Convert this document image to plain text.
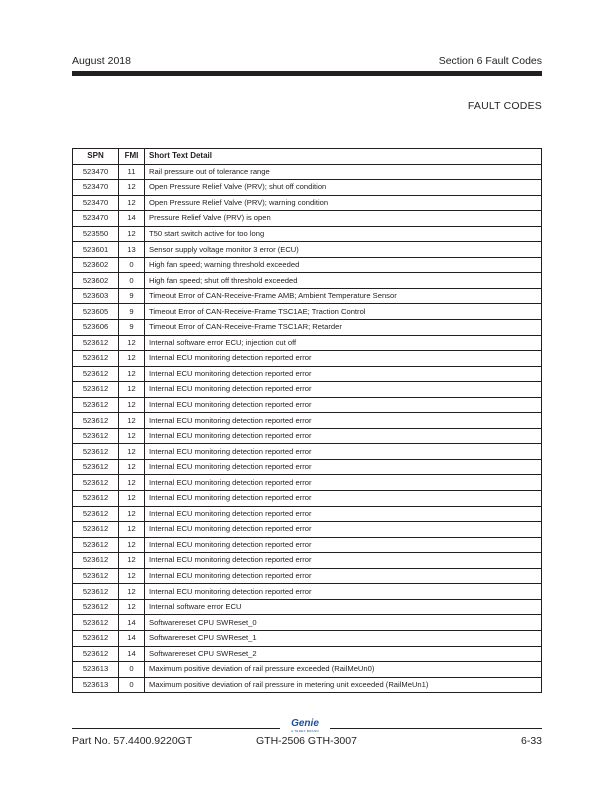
August 2018	Section 6 Fault Codes
FAULT CODES
SPN	FMI	Short Text Detail
523470	11	Rail pressure out of tolerance range
523470	12	Open Pressure Relief Valve (PRV); shut off condition
523470	12	Open Pressure Relief Valve (PRV); warning condition
523470	14	Pressure Relief Valve (PRV) is open
523550	12	T50 start switch active for too long
523601	13	Sensor supply voltage monitor 3 error (ECU)
523602	0	High fan speed; warning threshold exceeded
523602	0	High fan speed; shut off threshold exceeded
523603	9	Timeout Error of CAN-Receive-Frame AMB; Ambient Temperature Sensor
523605	9	Timeout Error of CAN-Receive-Frame TSC1AE; Traction Control
523606	9	Timeout Error of CAN-Receive-Frame TSC1AR; Retarder
523612	12	Internal software error ECU; injection cut off
523612	12	Internal ECU monitoring detection reported error
523612	12	Internal ECU monitoring detection reported error
523612	12	Internal ECU monitoring detection reported error
523612	12	Internal ECU monitoring detection reported error
523612	12	Internal ECU monitoring detection reported error
523612	12	Internal ECU monitoring detection reported error
523612	12	Internal ECU monitoring detection reported error
523612	12	Internal ECU monitoring detection reported error
523612	12	Internal ECU monitoring detection reported error
523612	12	Internal ECU monitoring detection reported error
523612	12	Internal ECU monitoring detection reported error
523612	12	Internal ECU monitoring detection reported error
523612	12	Internal ECU monitoring detection reported error
523612	12	Internal ECU monitoring detection reported error
523612	12	Internal ECU monitoring detection reported error
523612	12	Internal ECU monitoring detection reported error
523612	12	Internal software error ECU
523612	14	Softwarereset CPU SWReset_0
523612	14	Softwarereset CPU SWReset_1
523612	14	Softwarereset CPU SWReset_2
523613	0	Maximum positive deviation of rail pressure exceeded (RailMeUn0)
523613	0	Maximum positive deviation of rail pressure in metering unit exceeded (RailMeUn1)
Genie
A TEREX BRAND
Part No. 57.4400.9220GT	GTH-2506 GTH-3007	6-33
